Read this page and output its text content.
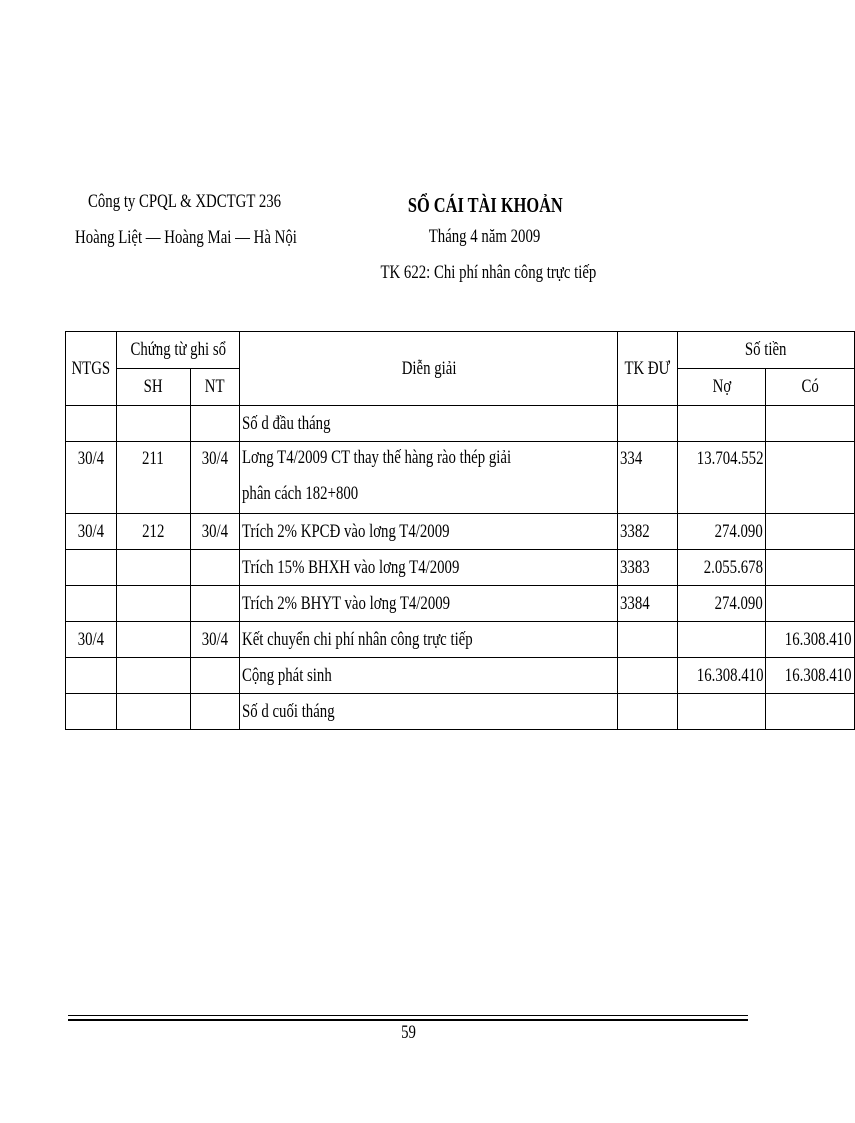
Công ty CPQL & XDCTGT 236
Hoàng Liệt — Hoàng Mai — Hà Nội
SỔ CÁI TÀI KHOẢN
Tháng 4 năm 2009
TK 622: Chi phí nhân công trực tiếp
NTGS	Chứng từ ghi sổ		Diễn giải	TK ĐƯ	Số tiền	
	SH	NT			Nợ	Có
			Số d đầu tháng			
30/4	211	30/4	Lơng T4/2009 CT thay thế hàng rào thép giải phân cách 182+800	334	13.704.552	
30/4	212	30/4	Trích 2% KPCĐ vào lơng T4/2009	3382	274.090	
			Trích 15% BHXH vào lơng T4/2009	3383	2.055.678	
			Trích 2% BHYT vào lơng T4/2009	3384	274.090	
30/4		30/4	Kết chuyển chi phí nhân công trực tiếp			16.308.410
			Cộng phát sinh		16.308.410	16.308.410
			Số d cuối tháng			
59
